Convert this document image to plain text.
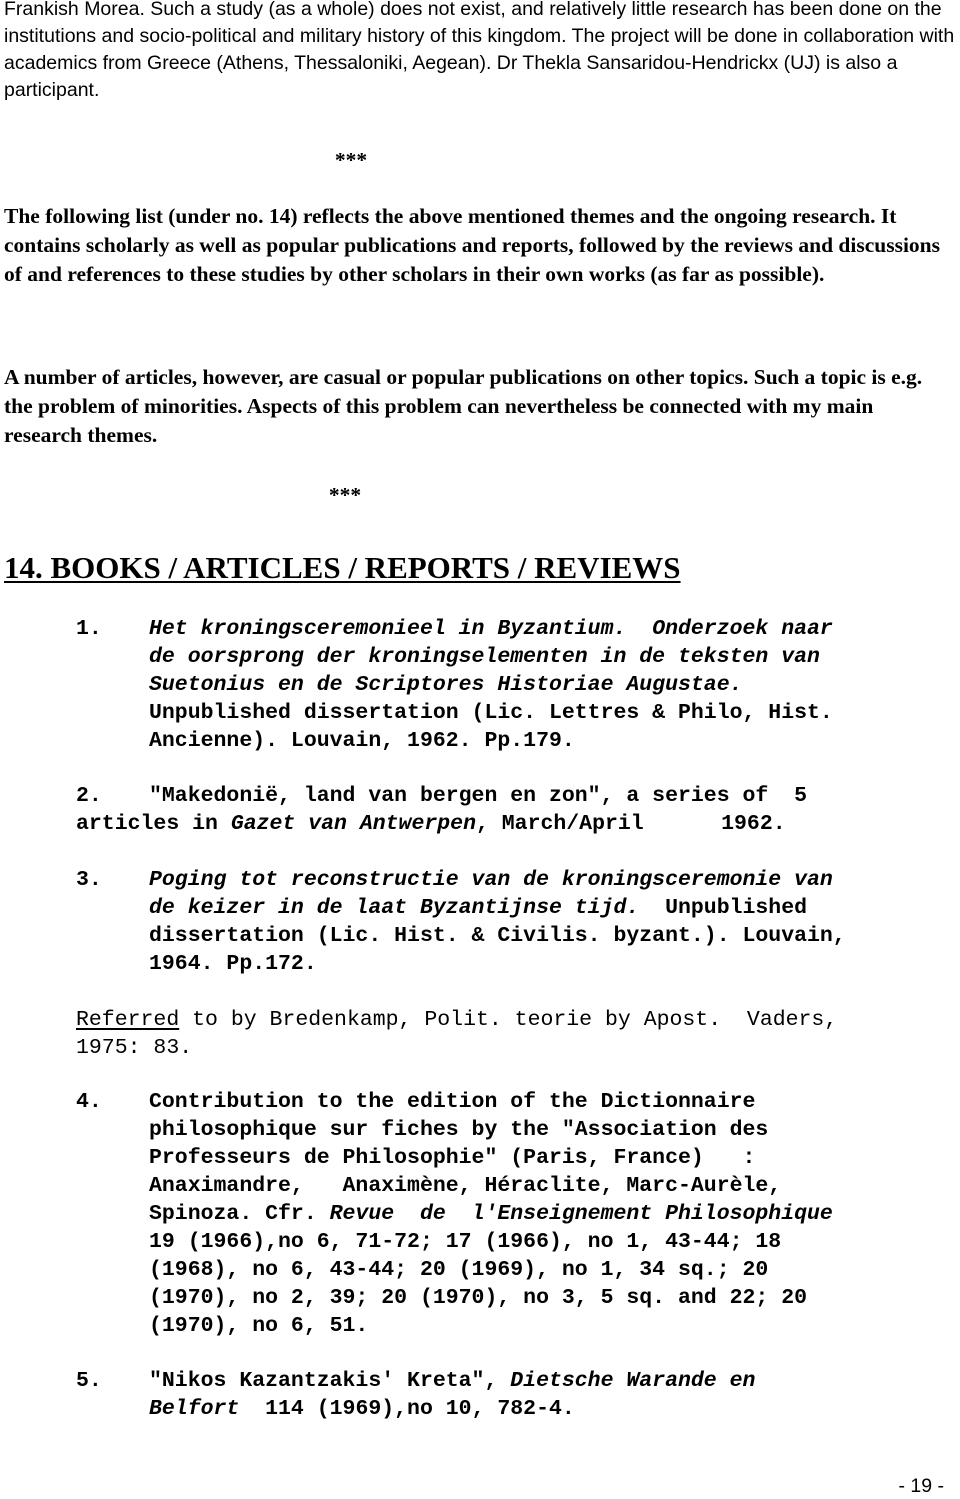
Frankish Morea. Such a study (as a whole) does not exist, and relatively little research has been done on the institutions and socio-political and military history of this kingdom. The project will be done in collaboration with academics from Greece (Athens, Thessaloniki, Aegean). Dr Thekla Sansaridou-Hendrickx (UJ) is also a participant.
***
The following list (under no. 14) reflects the above mentioned themes and the ongoing research. It contains scholarly as well as popular publications and reports, followed by the reviews and discussions of and references to these studies by other scholars in their own works (as far as possible).
A number of articles, however, are casual or popular publications on other topics. Such a topic is e.g. the problem of minorities. Aspects of this problem can nevertheless be connected with my main research themes.
***
14. BOOKS / ARTICLES / REPORTS / REVIEWS
1. Het kroningsceremonieel in Byzantium. Onderzoek naar
de oorsprong der kroningselementen in de teksten van
Suetonius en de Scriptores Historiae Augustae.
Unpublished dissertation (Lic. Lettres & Philo, Hist.
Ancienne). Louvain, 1962. Pp.179.
2. "Makedonië, land van bergen en zon", a series of  5
articles in Gazet van Antwerpen, March/April      1962.
3. Poging tot reconstructie van de kroningsceremonie van
de keizer in de laat Byzantijnse tijd.  Unpublished
dissertation (Lic. Hist. & Civilis. byzant.). Louvain,
1964. Pp.172.
Referred to by Bredenkamp, Polit. teorie by Apost.  Vaders,
1975: 83.
4. Contribution to the edition of the Dictionnaire
philosophique sur fiches by the "Association des
Professeurs de Philosophie" (Paris, France)   :
Anaximandre,   Anaximène, Héraclite, Marc-Aurèle,
Spinoza. Cfr. Revue  de  l'Enseignement Philosophique
19 (1966),no 6, 71-72; 17 (1966), no 1, 43-44; 18
(1968), no 6, 43-44; 20 (1969), no 1, 34 sq.; 20
(1970), no 2, 39; 20 (1970), no 3, 5 sq. and 22; 20
(1970), no 6, 51.
5. "Nikos Kazantzakis' Kreta", Dietsche Warande en
Belfort  114 (1969),no 10, 782-4.
- 19 -
